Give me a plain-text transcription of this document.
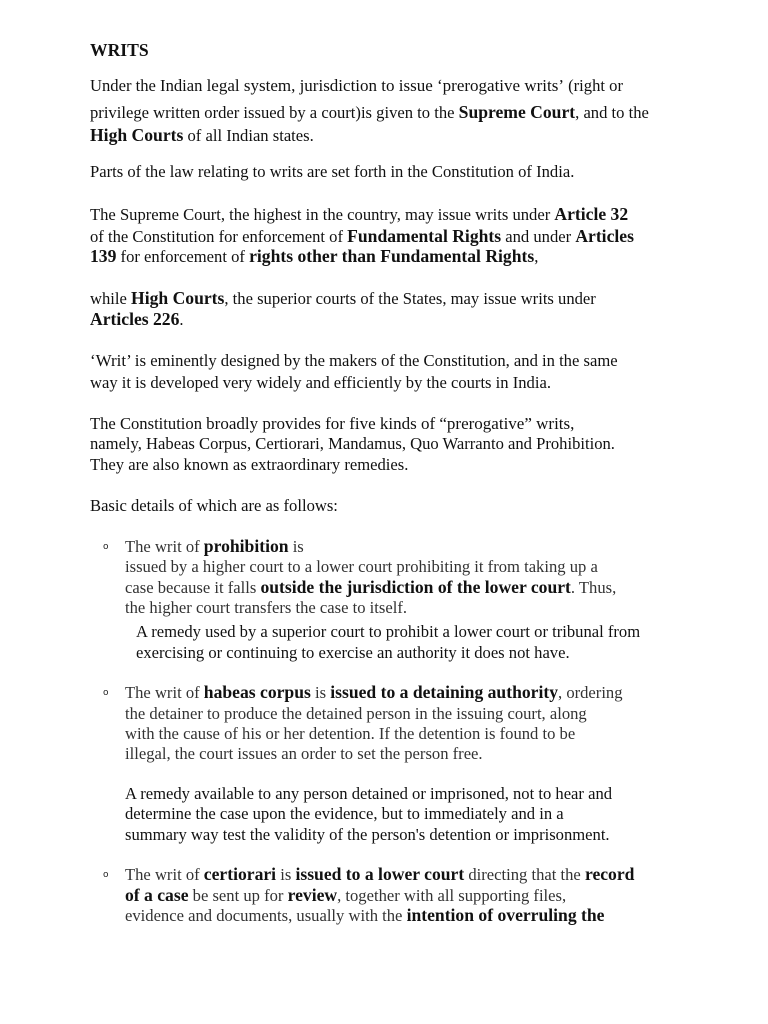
WRITS
Under the Indian legal system, jurisdiction to issue ‘prerogative writs’ (right or
privilege written order issued by a court)is given to the Supreme Court, and to the
High Courts of all Indian states.
Parts of the law relating to writs are set forth in the Constitution of India.
The Supreme Court, the highest in the country, may issue writs under Article 32
of the Constitution for enforcement of Fundamental Rights and under Articles
139 for enforcement of rights other than Fundamental Rights,
while High Courts, the superior courts of the States, may issue writs under
Articles 226.
‘Writ’ is eminently designed by the makers of the Constitution, and in the same
way it is developed very widely and efficiently by the courts in India.
The Constitution broadly provides for five kinds of “prerogative” writs,
namely, Habeas Corpus, Certiorari, Mandamus, Quo Warranto and Prohibition.
They are also known as extraordinary remedies.
Basic details of which are as follows:
o The writ of prohibition is
issued by a higher court to a lower court prohibiting it from taking up a
case because it falls outside the jurisdiction of the lower court. Thus,
the higher court transfers the case to itself.
A remedy used by a superior court to prohibit a lower court or tribunal from
exercising or continuing to exercise an authority it does not have.
o The writ of habeas corpus is issued to a detaining authority, ordering
the detainer to produce the detained person in the issuing court, along
with the cause of his or her detention. If the detention is found to be
illegal, the court issues an order to set the person free.
A remedy available to any person detained or imprisoned, not to hear and
determine the case upon the evidence, but to immediately and in a
summary way test the validity of the person's detention or imprisonment.
o The writ of certiorari is issued to a lower court directing that the record
of a case be sent up for review, together with all supporting files,
evidence and documents, usually with the intention of overruling the
